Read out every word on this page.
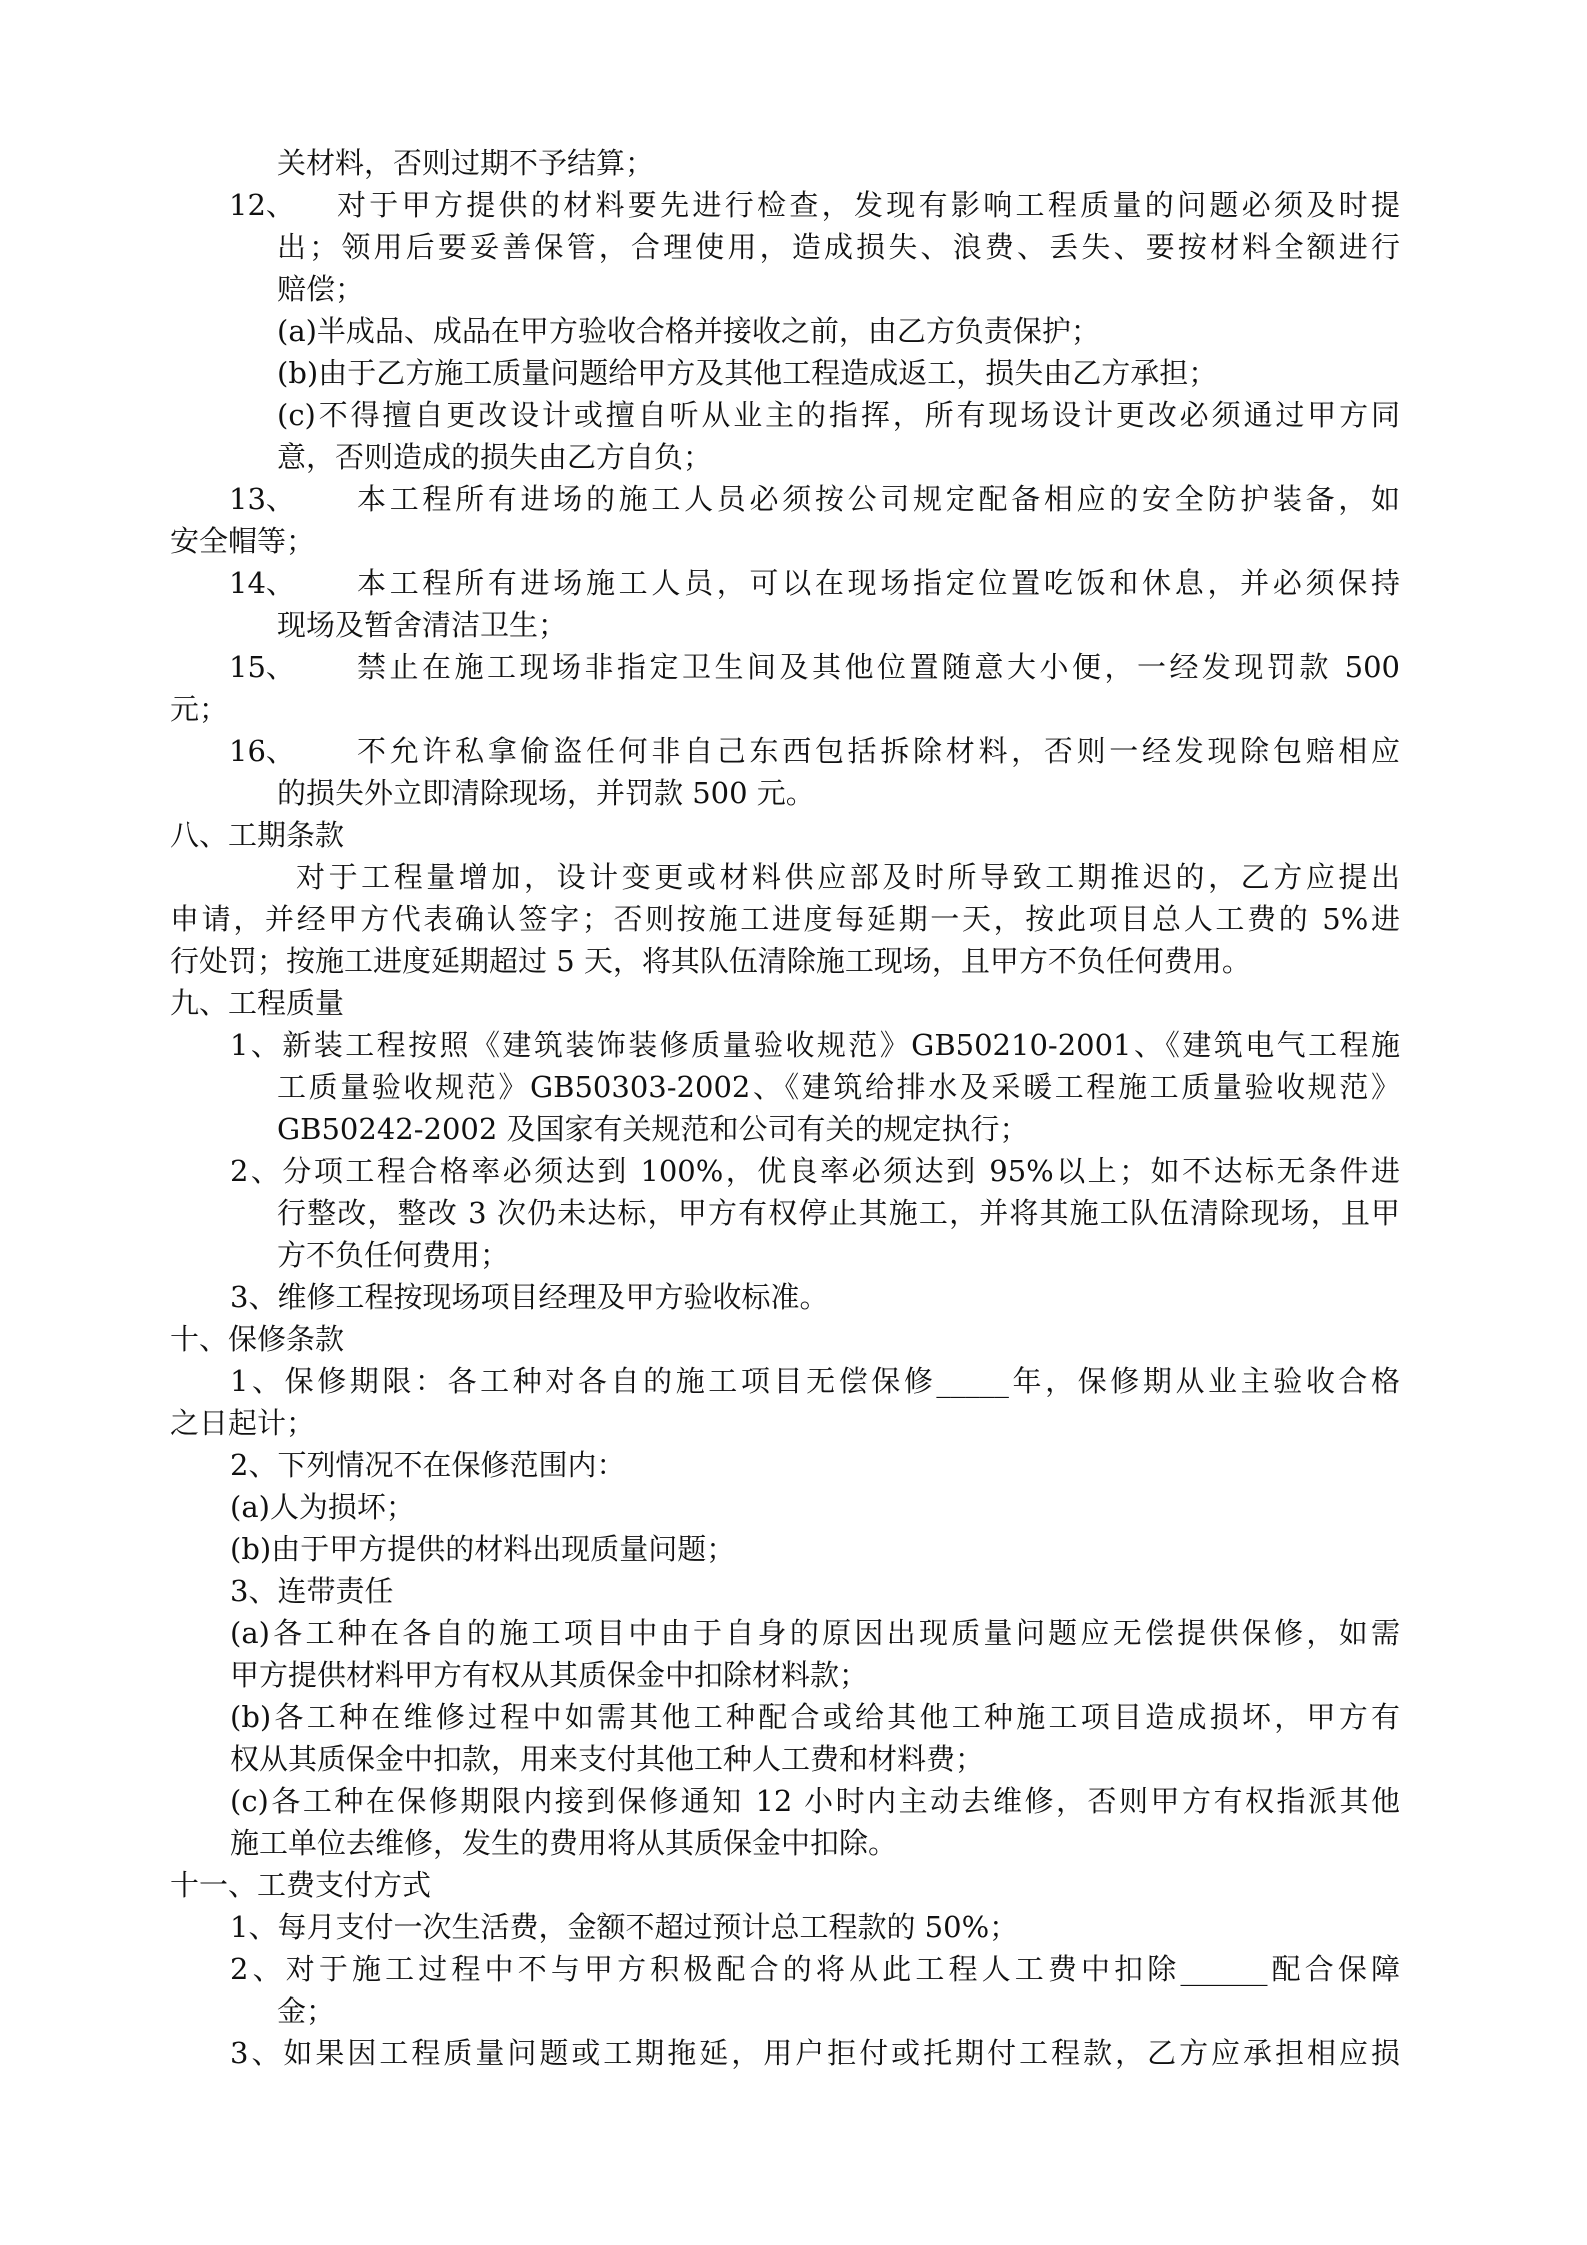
关材料，否则过期不予结算；
12、 对于甲方提供的材料要先进行检查，发现有影响工程质量的问题必须及时提
出；领用后要妥善保管，合理使用，造成损失、浪费、丢失、要按材料全额进行
赔偿；
(a)半成品、成品在甲方验收合格并接收之前，由乙方负责保护；
(b)由于乙方施工质量问题给甲方及其他工程造成返工，损失由乙方承担；
(c)不得擅自更改设计或擅自听从业主的指挥，所有现场设计更改必须通过甲方同
意，否则造成的损失由乙方自负；
13、 本工程所有进场的施工人员必须按公司规定配备相应的安全防护装备，如
安全帽等；
14、 本工程所有进场施工人员，可以在现场指定位置吃饭和休息，并必须保持
现场及暂舍清洁卫生；
15、 禁止在施工现场非指定卫生间及其他位置随意大小便，一经发现罚款 500
元；
16、 不允许私拿偷盗任何非自己东西包括拆除材料，否则一经发现除包赔相应
的损失外立即清除现场，并罚款 500 元。
八、工期条款
对于工程量增加，设计变更或材料供应部及时所导致工期推迟的，乙方应提出
申请，并经甲方代表确认签字；否则按施工进度每延期一天，按此项目总人工费的 5%进
行处罚；按施工进度延期超过 5 天，将其队伍清除施工现场，且甲方不负任何费用。
九、工程质量
1、新装工程按照《建筑装饰装修质量验收规范》GB50210-2001、《建筑电气工程施
工质量验收规范》GB50303-2002、《建筑给排水及采暖工程施工质量验收规范》
GB50242-2002 及国家有关规范和公司有关的规定执行；
2、分项工程合格率必须达到 100%，优良率必须达到 95%以上；如不达标无条件进
行整改，整改 3 次仍未达标，甲方有权停止其施工，并将其施工队伍清除现场，且甲
方不负任何费用；
3、维修工程按现场项目经理及甲方验收标准。
十、保修条款
1、保修期限：各工种对各自的施工项目无偿保修_____年，保修期从业主验收合格
之日起计；
2、下列情况不在保修范围内：
(a)人为损坏；
(b)由于甲方提供的材料出现质量问题；
3、连带责任
(a)各工种在各自的施工项目中由于自身的原因出现质量问题应无偿提供保修，如需
甲方提供材料甲方有权从其质保金中扣除材料款；
(b)各工种在维修过程中如需其他工种配合或给其他工种施工项目造成损坏，甲方有
权从其质保金中扣款，用来支付其他工种人工费和材料费；
(c)各工种在保修期限内接到保修通知 12 小时内主动去维修，否则甲方有权指派其他
施工单位去维修，发生的费用将从其质保金中扣除。
十一、工费支付方式
1、每月支付一次生活费，金额不超过预计总工程款的 50%；
2、对于施工过程中不与甲方积极配合的将从此工程人工费中扣除______配合保障
金；
3、如果因工程质量问题或工期拖延，用户拒付或托期付工程款，乙方应承担相应损
